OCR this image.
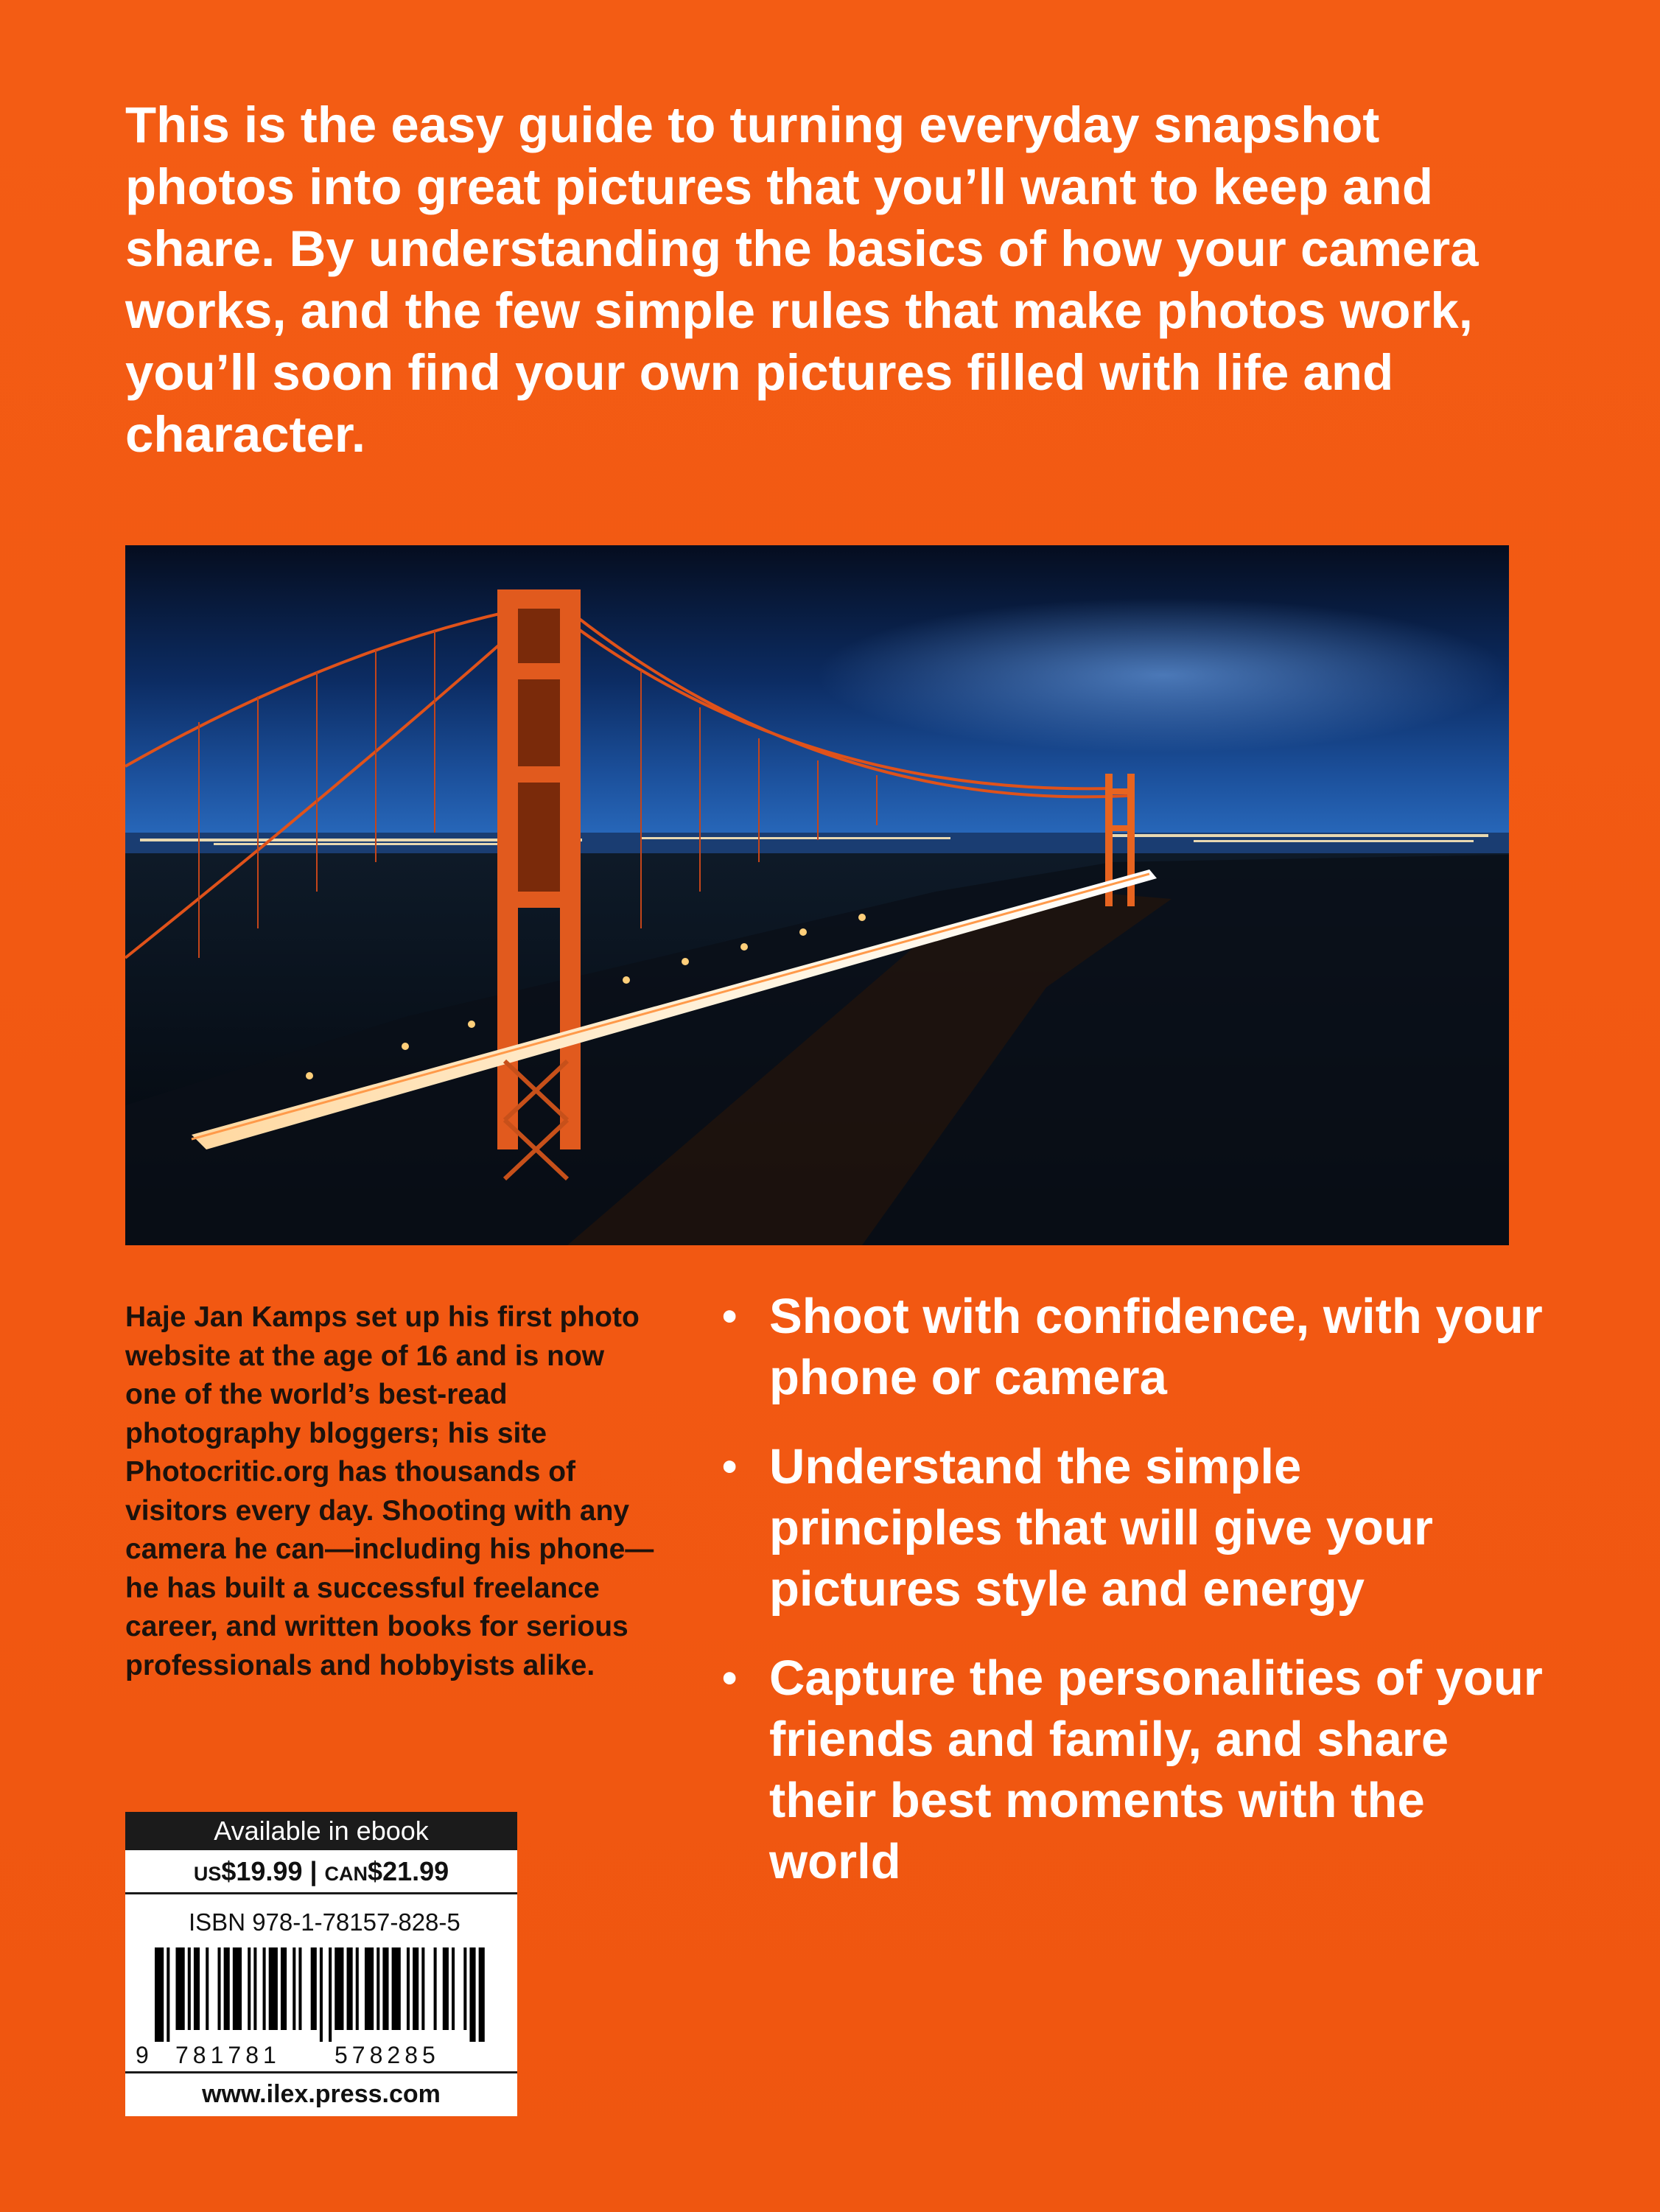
This is the easy guide to turning everyday snapshot photos into great pictures that you’ll want to keep and share. By understanding the basics of how your camera works, and the few simple rules that make photos work, you’ll soon find your own pictures filled with life and character.

Haje Jan Kamps set up his first photo website at the age of 16 and is now one of the world’s best-read photography bloggers; his site Photocritic.org has thousands of visitors every day. Shooting with any camera he can—including his phone—he has built a successful freelance career, and written books for serious professionals and hobbyists alike.

• Shoot with confidence, with your phone or camera
• Understand the simple principles that will give your pictures style and energy
• Capture the personalities of your friends and family, and share their best moments with the world
Available in ebook
US$19.99 | CAN$21.99
ISBN 978-1-78157-828-5
9 781781 578285
www.ilex.press.com
